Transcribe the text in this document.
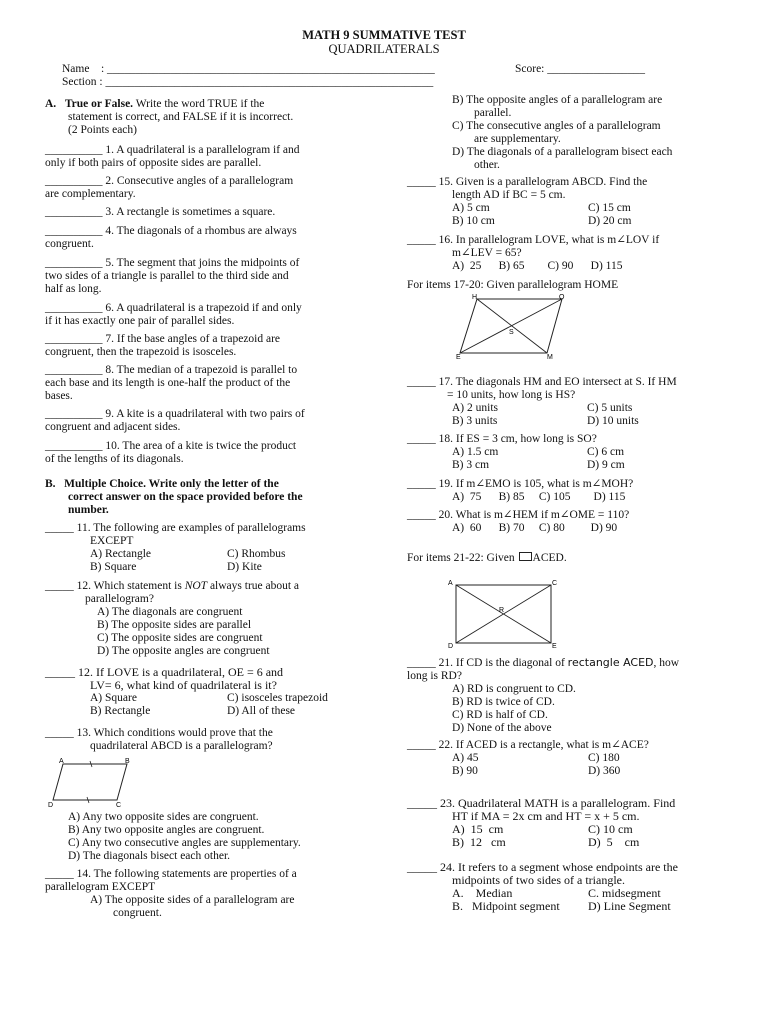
MATH 9 SUMMATIVE TEST
QUADRILATERALS
Name    : _________________________________________________________
Section : _________________________________________________________
Score: _________________
A. True or False. Write the word TRUE if the
statement is correct, and FALSE if it is incorrect.
(2 Points each)
__________ 1. A quadrilateral is a parallelogram if and
only if both pairs of opposite sides are parallel.
__________ 2. Consecutive angles of a parallelogram
are complementary.
__________ 3. A rectangle is sometimes a square.
__________ 4. The diagonals of a rhombus are always
congruent.
__________ 5. The segment that joins the midpoints of
two sides of a triangle is parallel to the third side and
half as long.
__________ 6. A quadrilateral is a trapezoid if and only
if it has exactly one pair of parallel sides.
__________ 7. If the base angles of a trapezoid are
congruent, then the trapezoid is isosceles.
__________ 8. The median of a trapezoid is parallel to
each base and its length is one-half the product of the
bases.
__________ 9. A kite is a quadrilateral with two pairs of
congruent and adjacent sides.
__________ 10. The area of a kite is twice the product
of the lengths of its diagonals.
B. Multiple Choice. Write only the letter of the
correct answer on the space provided before the
number.
_____ 11. The following are examples of parallelograms
EXCEPT
A) Rectangle	C) Rhombus
B) Square	D) Kite
_____ 12. Which statement is NOT always true about a
parallelogram?
A) The diagonals are congruent
B) The opposite sides are parallel
C) The opposite sides are congruent
D) The opposite angles are congruent
_____ 12. If LOVE is a quadrilateral, OE = 6 and
LV= 6, what kind of quadrilateral is it?
A) Square	C) isosceles trapezoid
B) Rectangle	D) All of these
_____ 13. Which conditions would prove that the
quadrilateral ABCD is a parallelogram?
A	B
C
D
A) Any two opposite sides are congruent.
B) Any two opposite angles are congruent.
C) Any two consecutive angles are supplementary.
D) The diagonals bisect each other.
_____ 14. The following statements are properties of a
parallelogram EXCEPT
A) The opposite sides of a parallelogram are
congruent.
B) The opposite angles of a parallelogram are
parallel.
C) The consecutive angles of a parallelogram
are supplementary.
D) The diagonals of a parallelogram bisect each
other.
_____ 15. Given is a parallelogram ABCD. Find the
length AD if BC = 5 cm.
A) 5 cm	C) 15 cm
B) 10 cm	D) 20 cm
_____ 16. In parallelogram LOVE, what is m∠LOV if
m∠LEV = 65?
A)  25      B) 65        C) 90      D) 115
For items 17-20: Given parallelogram HOME
H	O
S
E	M
_____ 17. The diagonals HM and EO intersect at S. If HM
= 10 units, how long is HS?
A) 2 units	C) 5 units
B) 3 units	D) 10 units
_____ 18. If ES = 3 cm, how long is SO?
A) 1.5 cm	C) 6 cm
B) 3 cm	D) 9 cm
_____ 19. If m∠EMO is 105, what is m∠MOH?
A)  75      B) 85     C) 105        D) 115
_____ 20. What is m∠HEM if m∠OME = 110?
A)  60      B) 70     C) 80         D) 90
For items 21-22: Given ACED.
A	C
R
D	E
_____ 21. If CD is the diagonal of rectangle ACED, how
long is RD?
A) RD is congruent to CD.
B) RD is twice of CD.
C) RD is half of CD.
D) None of the above
_____ 22. If ACED is a rectangle, what is m∠ACE?
A) 45	C) 180
B) 90	D) 360
_____ 23. Quadrilateral MATH is a parallelogram. Find
HT if MA = 2x cm and HT = x + 5 cm.
A)  15  cm	C) 10 cm
B)  12   cm	D)  5    cm
_____ 24. It refers to a segment whose endpoints are the
midpoints of two sides of a triangle.
A.    Median	C. midsegment
B.   Midpoint segment	D) Line Segment
